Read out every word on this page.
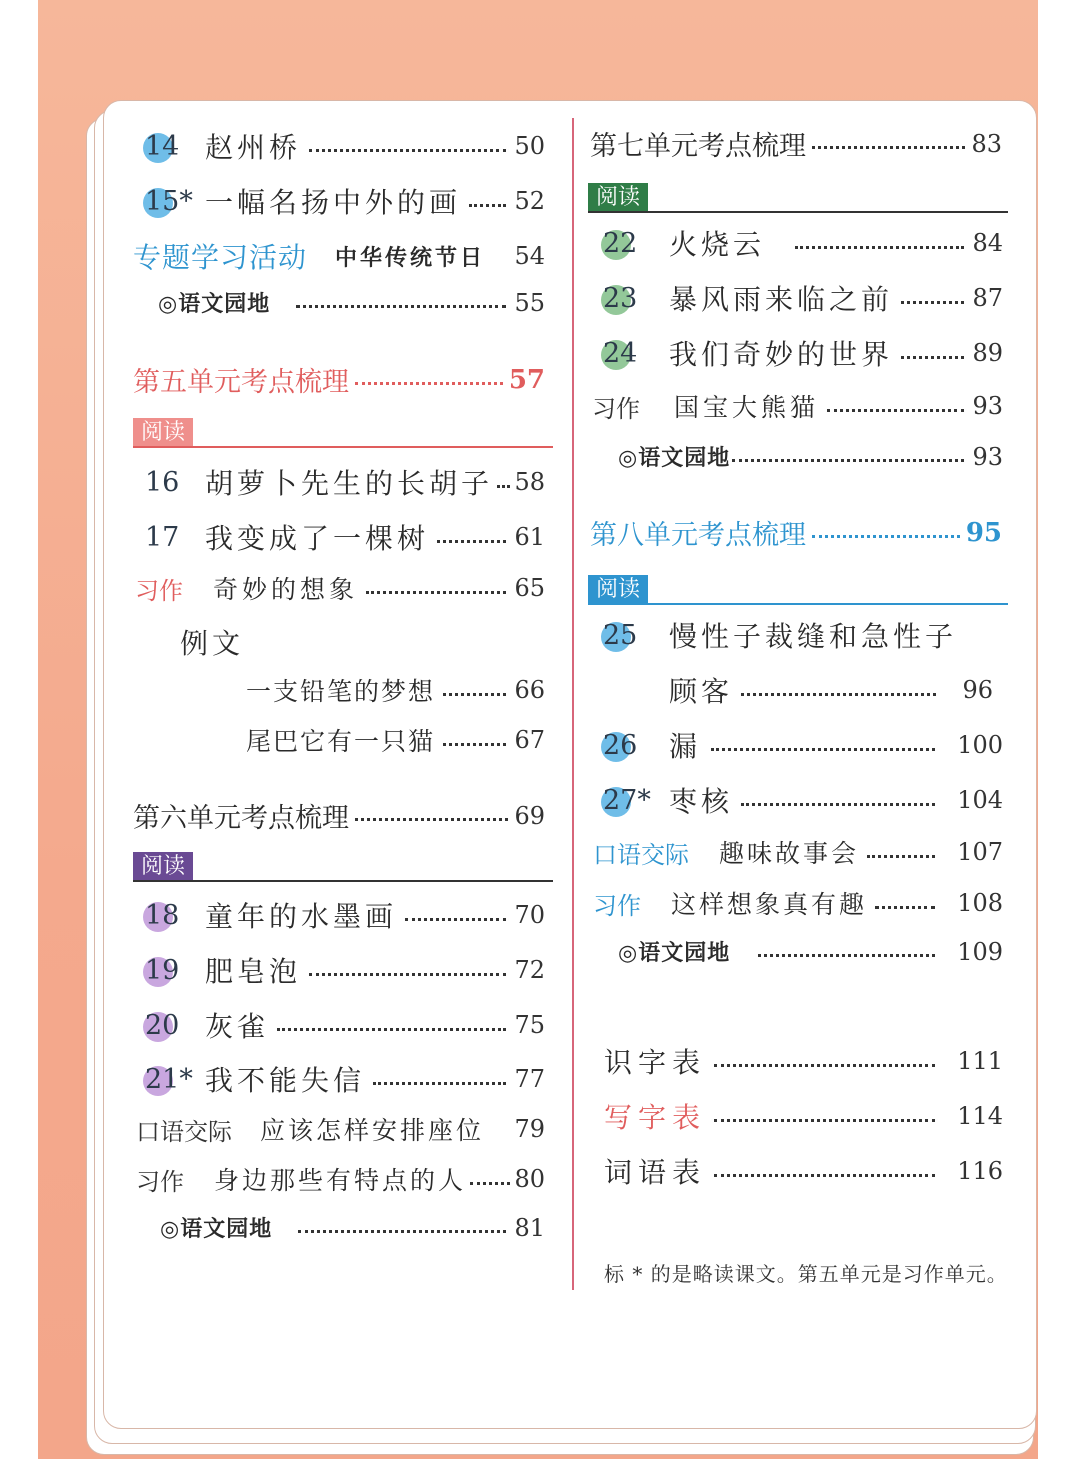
14 赵州桥	50
15* 一幅名扬中外的画 52
专题学习活动 中华传统节日 54
◎语文园地	55
第五单元考点梳理	57
阅读
16 胡萝卜先生的长胡子 58
17 我变成了一棵树	61
习作 奇妙的想象	65
例文
一支铅笔的梦想	66
尾巴它有一只猫	67
第六单元考点梳理	69
阅读
18 童年的水墨画	70
19 肥皂泡	72
20 灰雀	75
21* 我不能失信	77
口语交际 应该怎样安排座位 79
习作 身边那些有特点的人 80
◎语文园地	81
第七单元考点梳理	83
阅读
22	火烧云	84
23	暴风雨来临之前	87
24	我们奇妙的世界	89
习作 国宝大熊猫	93
◎语文园地	93
第八单元考点梳理	95
阅读
25	慢性子裁缝和急性子
顾客	96
26	漏	100
27* 枣核	104
口语交际 趣味故事会	107
习作 这样想象真有趣	108
◎语文园地	109
识字表	111
写字表	114
词语表	116
标 * 的是略读课文。第五单元是习作单元。
